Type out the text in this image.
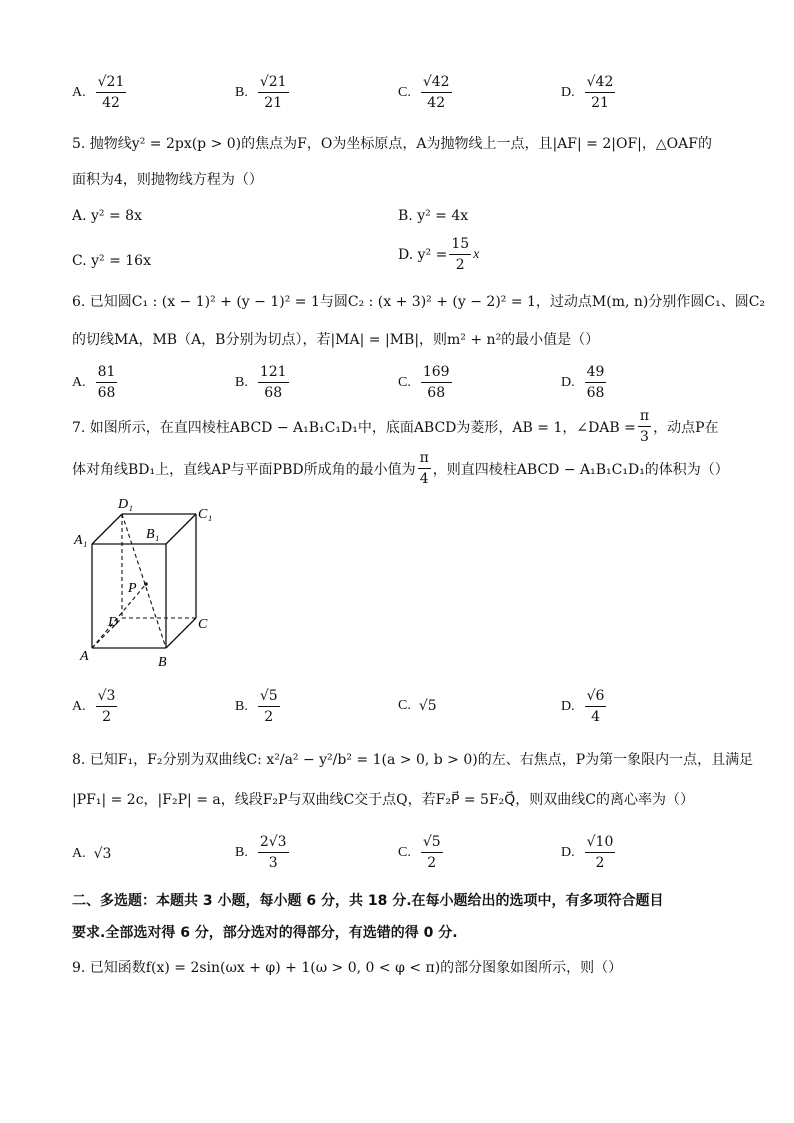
A. $\frac{√21}{42}$	B. $\frac{√21}{21}$	C. $\frac{√42}{42}$	D. $\frac{√42}{21}$
5. 抛物线y² = 2px(p > 0)的焦点为F，O为坐标原点，A为抛物线上一点，且|AF| = 2|OF|，△OAF的
面积为4，则抛物线方程为（）
A. y² = 8x	B. y² = 4x
C. y² = 16x	D. $y^2 = \frac{15}{2}$ x
6. 已知圆C₁ : (x − 1)² + (y − 1)² = 1与圆C₂ : (x + 3)² + (y − 2)² = 1，过动点M(m, n)分别作圆C₁、圆C₂
的切线MA，MB（A，B分别为切点），若|MA| = |MB|，则m² + n²的最小值是（）
A. $\frac{81}{68}$	B. $\frac{121}{68}$	C. $\frac{169}{68}$	D. $\frac{49}{68}$
7. 如图所示，在直四棱柱ABCD − A₁B₁C₁D₁中，底面ABCD为菱形，AB = 1，∠DAB = $\frac{\pi}{3}$ ，动点P在
体对角线BD₁上，直线AP与平面PBD所成角的最小值为 $\frac{\pi}{4}$ ，则直四棱柱ABCD − A₁B₁C₁D₁的体积为（）
D₁
C₁
B₁
A₁
P
D	C
A	B
A. $\frac{√3}{2}$	B. $\frac{√5}{2}$	C. √5	D. $\frac{√6}{4}$
8. 已知F₁，F₂分别为双曲线C: x²/a² − y²/b² = 1(a > 0, b > 0)的左、右焦点，P为第一象限内一点，且满足
|PF₁| = 2c，|F₂P| = a，线段F₂P与双曲线C交于点Q，若F₂P⃗ = 5F₂Q⃗，则双曲线C的离心率为（）
A. √3	B. $\frac{2√3}{3}$	C. $\frac{√5}{2}$	D. $\frac{√10}{2}$
二、多选题：本题共 3 小题，每小题 6 分，共 18 分.在每小题给出的选项中，有多项符合题目
要求.全部选对得 6 分，部分选对的得部分，有选错的得 0 分.
9. 已知函数f(x) = 2sin(ωx + φ) + 1(ω > 0, 0 < φ < π)的部分图象如图所示，则（）
